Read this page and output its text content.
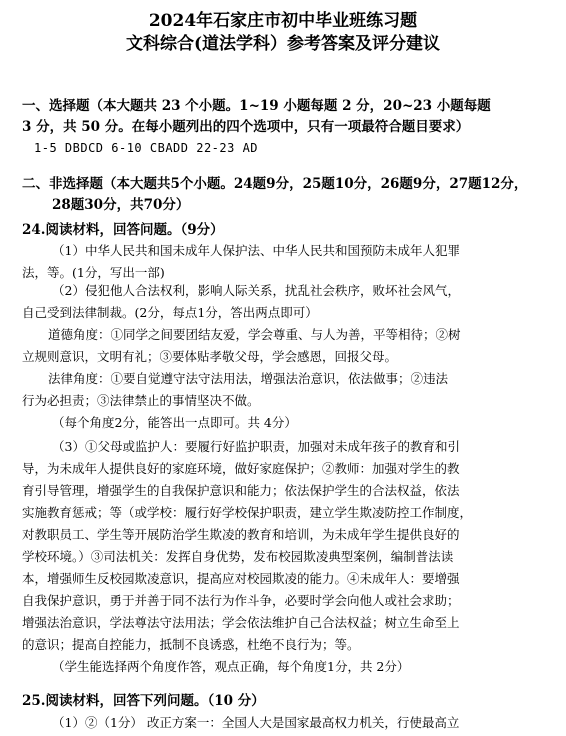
2024年石家庄市初中毕业班练习题
文科综合(道法学科）参考答案及评分建议
一、选择题（本大题共 23 个小题。1~19 小题每题 2 分，20~23 小题每题
3 分，共 50 分。在每小题列出的四个选项中，只有一项最符合题目要求）
1-5 DBDCD 6-10 CBADD 22-23 AD
二、非选择题（本大题共5个小题。24题9分，25题10分，26题9分，27题12分，
28题30分，共70分）
24.阅读材料，回答问题。（9分）
（1）中华人民共和国未成年人保护法、中华人民共和国预防未成年人犯罪
法，等。(1分，写出一部)
（2）侵犯他人合法权利，影响人际关系，扰乱社会秩序，败坏社会风气，
自己受到法律制裁。(2分，每点1分，答出两点即可）
道德角度：①同学之间要团结友爱，学会尊重、与人为善，平等相待；②树
立规则意识，文明有礼；③要体贴孝敬父母，学会感恩，回报父母。
法律角度：①要自觉遵守法守法用法，增强法治意识，依法做事；②违法
行为必担责；③法律禁止的事情坚决不做。
（每个角度2分，能答出一点即可。共 4分）
（3）①父母或监护人：要履行好监护职责，加强对未成年孩子的教育和引
导，为未成年人提供良好的家庭环境，做好家庭保护；②教师：加强对学生的教
育引导管理，增强学生的自我保护意识和能力；依法保护学生的合法权益，依法
实施教育惩戒；等（或学校：履行好学校保护职责，建立学生欺凌防控工作制度，
对教职员工、学生等开展防治学生欺凌的教育和培训，为未成年学生提供良好的
学校环境。）③司法机关：发挥自身优势，发布校园欺凌典型案例，编制普法读
本，增强师生反校园欺凌意识，提高应对校园欺凌的能力。④未成年人：要增强
自我保护意识，勇于并善于同不法行为作斗争，必要时学会向他人或社会求助；
增强法治意识，学法尊法守法用法；学会依法维护自己合法权益；树立生命至上
的意识；提高自控能力，抵制不良诱惑，杜绝不良行为；等。
（学生能选择两个角度作答，观点正确，每个角度1分，共 2分）
25.阅读材料，回答下列问题。（10 分）
（1）②（1分） 改正方案一：全国人大是国家最高权力机关，行使最高立
